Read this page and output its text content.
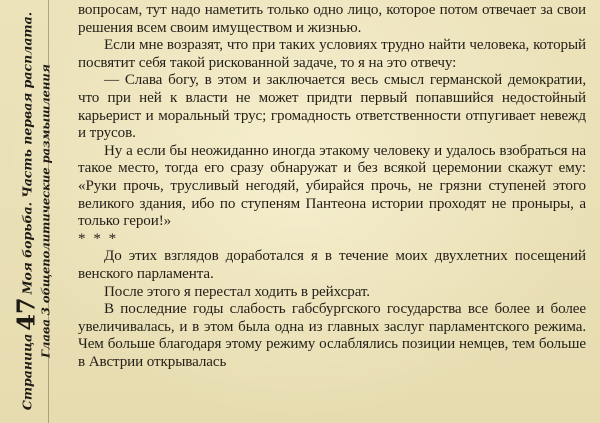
Страница47Моя борьба. Часть первая расплата. Глава 3 общеполитические размышления

вопросам, тут надо наметить только одно лицо, которое потом отвечает за свои решения всем своим имуществом и жизнью.

Если мне возразят, что при таких условиях трудно найти человека, который посвятит себя такой рискованной задаче, то я на это отвечу:

— Слава богу, в этом и заключается весь смысл германской демократии, что при ней к власти не может придти первый попавшийся недостойный карьерист и моральный трус; громадность ответственности отпугивает невежд и трусов.

Ну а если бы неожиданно иногда этакому человеку и удалось взобраться на такое место, тогда его сразу обнаружат и без всякой церемонии скажут ему: «Руки прочь, трусливый негодяй, убирайся прочь, не грязни ступеней этого великого здания, ибо по ступеням Пантеона истории проходят не проныры, а только герои!»

* * *

До этих взглядов доработался я в течение моих двухлетних посещений венского парламента.

После этого я перестал ходить в рейхсрат.

В последние годы слабость габсбургского государства все более и более увеличивалась, и в этом была одна из главных заслуг парламентского режима. Чем больше благодаря этому режиму ослаблялись позиции немцев, тем больше в Австрии открывалась
